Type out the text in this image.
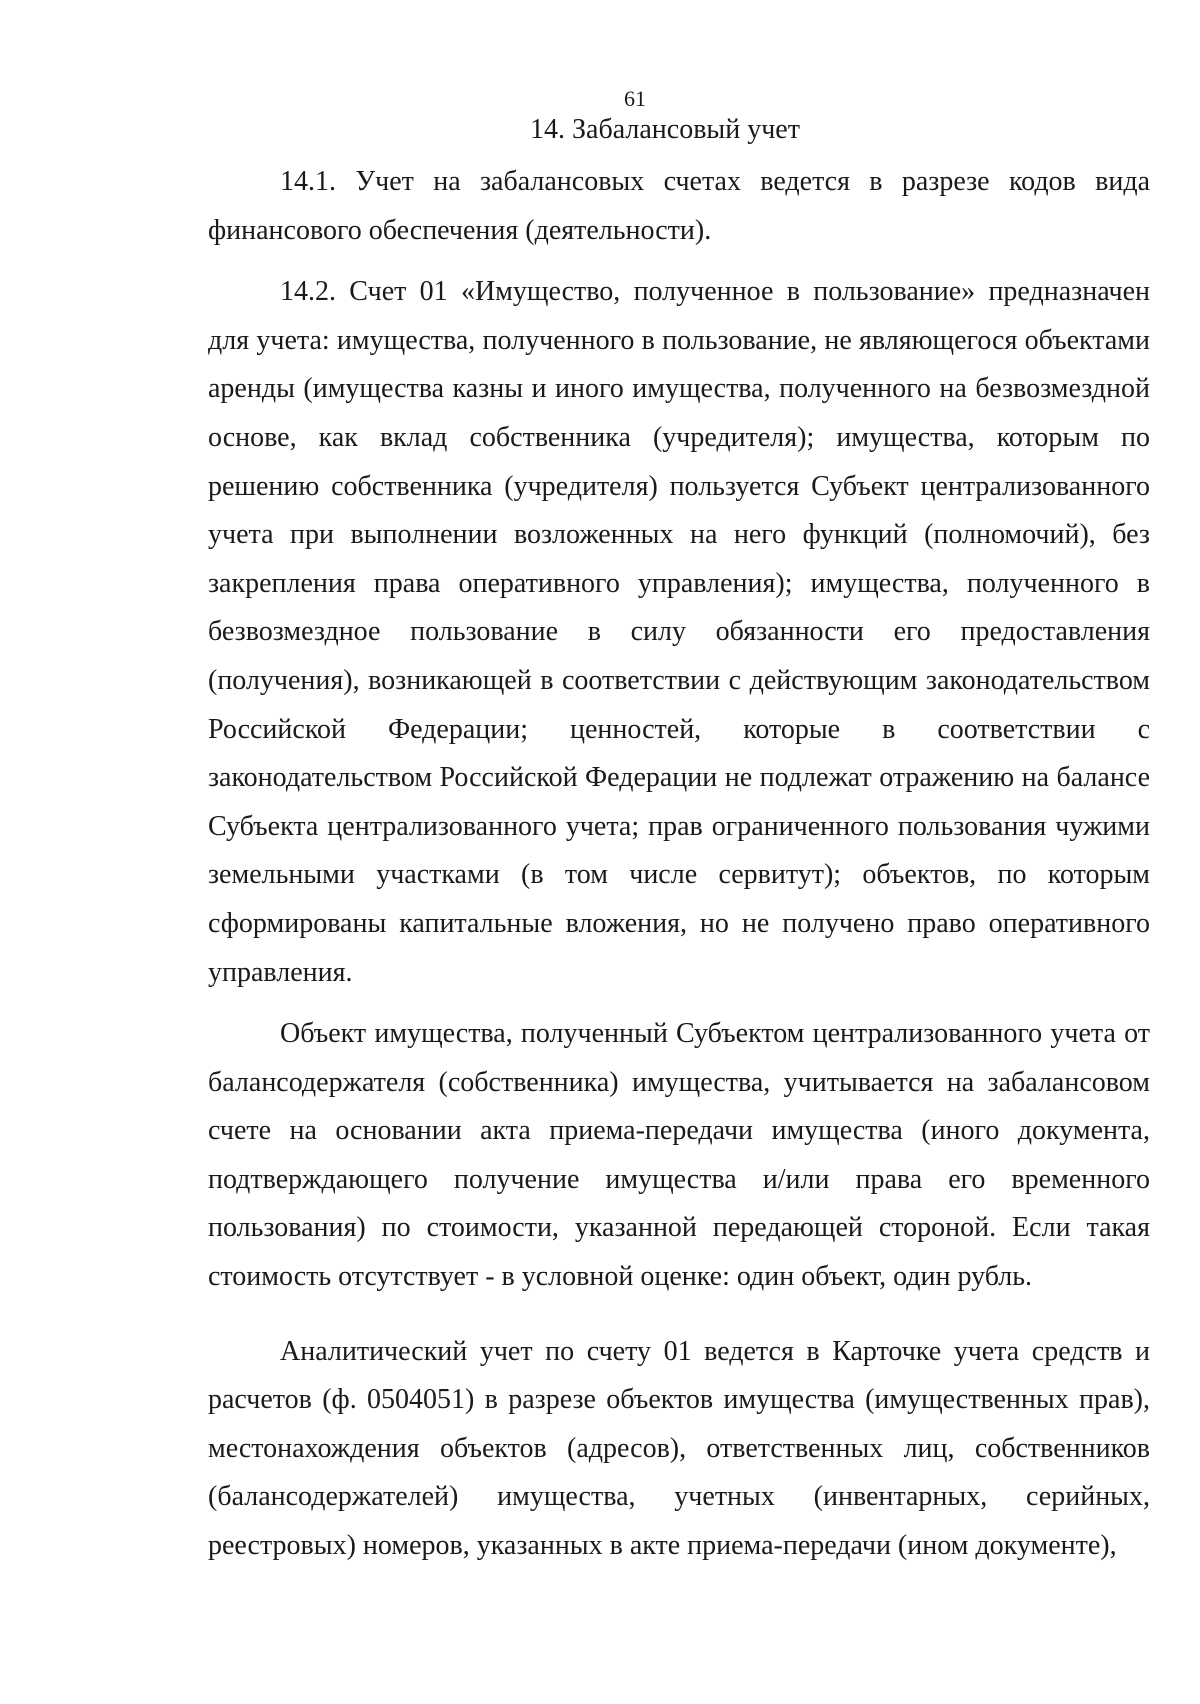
61
14. Забалансовый учет

14.1. Учет на забалансовых счетах ведется в разрезе кодов вида финансового обеспечения (деятельности).

14.2. Счет 01 «Имущество, полученное в пользование» предназначен для учета: имущества, полученного в пользование, не являющегося объектами аренды (имущества казны и иного имущества, полученного на безвозмездной основе, как вклад собственника (учредителя); имущества, которым по решению собственника (учредителя) пользуется Субъект централизованного учета при выполнении возложенных на него функций (полномочий), без закрепления права оперативного управления); имущества, полученного в безвозмездное пользование в силу обязанности его предоставления (получения), возникающей в соответствии с действующим законодательством Российской Федерации; ценностей, которые в соответствии с законодательством Российской Федерации не подлежат отражению на балансе Субъекта централизованного учета; прав ограниченного пользования чужими земельными участками (в том числе сервитут); объектов, по которым сформированы капитальные вложения, но не получено право оперативного управления.

Объект имущества, полученный Субъектом централизованного учета от балансодержателя (собственника) имущества, учитывается на забалансовом счете на основании акта приема-передачи имущества (иного документа, подтверждающего получение имущества и/или права его временного пользования) по стоимости, указанной передающей стороной. Если такая стоимость отсутствует - в условной оценке: один объект, один рубль.

Аналитический учет по счету 01 ведется в Карточке учета средств и расчетов (ф. 0504051) в разрезе объектов имущества (имущественных прав), местонахождения объектов (адресов), ответственных лиц, собственников (балансодержателей) имущества, учетных (инвентарных, серийных, реестровых) номеров, указанных в акте приема-передачи (ином документе),
